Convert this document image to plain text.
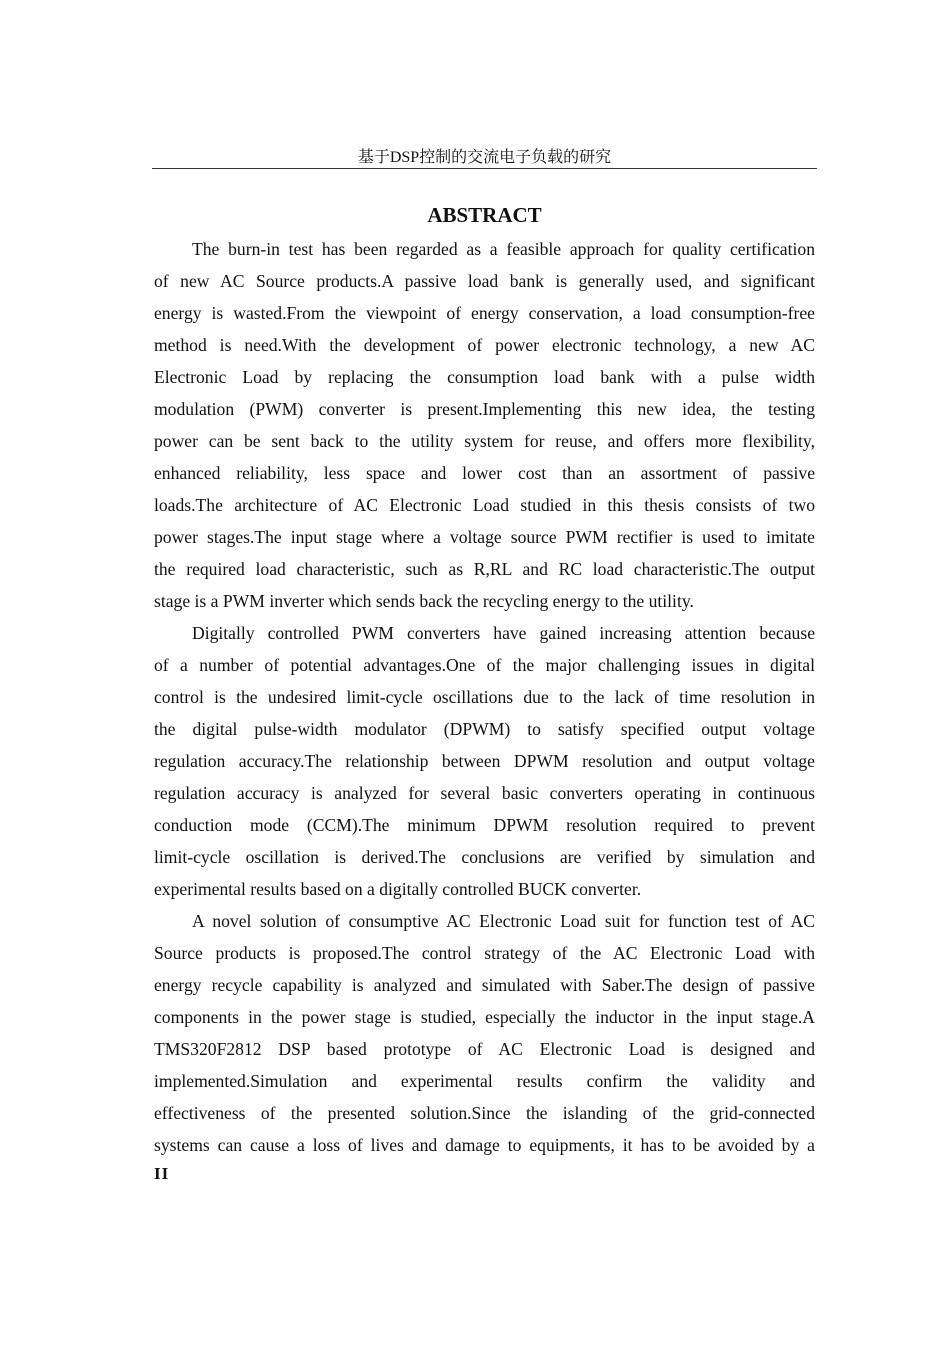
基于DSP控制的交流电子负载的研究
ABSTRACT
The burn-in test has been regarded as a feasible approach for quality certification
of new AC Source products.A passive load bank is generally used, and significant
energy is wasted.From the viewpoint of energy conservation, a load consumption-free
method is need.With the development of power electronic technology, a new AC
Electronic Load by replacing the consumption load bank with a pulse width
modulation (PWM) converter is present.Implementing this new idea, the testing
power can be sent back to the utility system for reuse, and offers more flexibility,
enhanced reliability, less space and lower cost than an assortment of passive
loads.The architecture of AC Electronic Load studied in this thesis consists of two
power stages.The input stage where a voltage source PWM rectifier is used to imitate
the required load characteristic, such as R,RL and RC load characteristic.The output
stage is a PWM inverter which sends back the recycling energy to the utility.
Digitally controlled PWM converters have gained increasing attention because
of a number of potential advantages.One of the major challenging issues in digital
control is the undesired limit-cycle oscillations due to the lack of time resolution in
the digital pulse-width modulator (DPWM) to satisfy specified output voltage
regulation accuracy.The relationship between DPWM resolution and output voltage
regulation accuracy is analyzed for several basic converters operating in continuous
conduction mode (CCM).The minimum DPWM resolution required to prevent
limit-cycle oscillation is derived.The conclusions are verified by simulation and
experimental results based on a digitally controlled BUCK converter.
A novel solution of consumptive AC Electronic Load suit for function test of AC
Source products is proposed.The control strategy of the AC Electronic Load with
energy recycle capability is analyzed and simulated with Saber.The design of passive
components in the power stage is studied, especially the inductor in the input stage.A
TMS320F2812 DSP based prototype of AC Electronic Load is designed and
implemented.Simulation and experimental results confirm the validity and
effectiveness of the presented solution.Since the islanding of the grid-connected
systems can cause a loss of lives and damage to equipments, it has to be avoided by a
II
